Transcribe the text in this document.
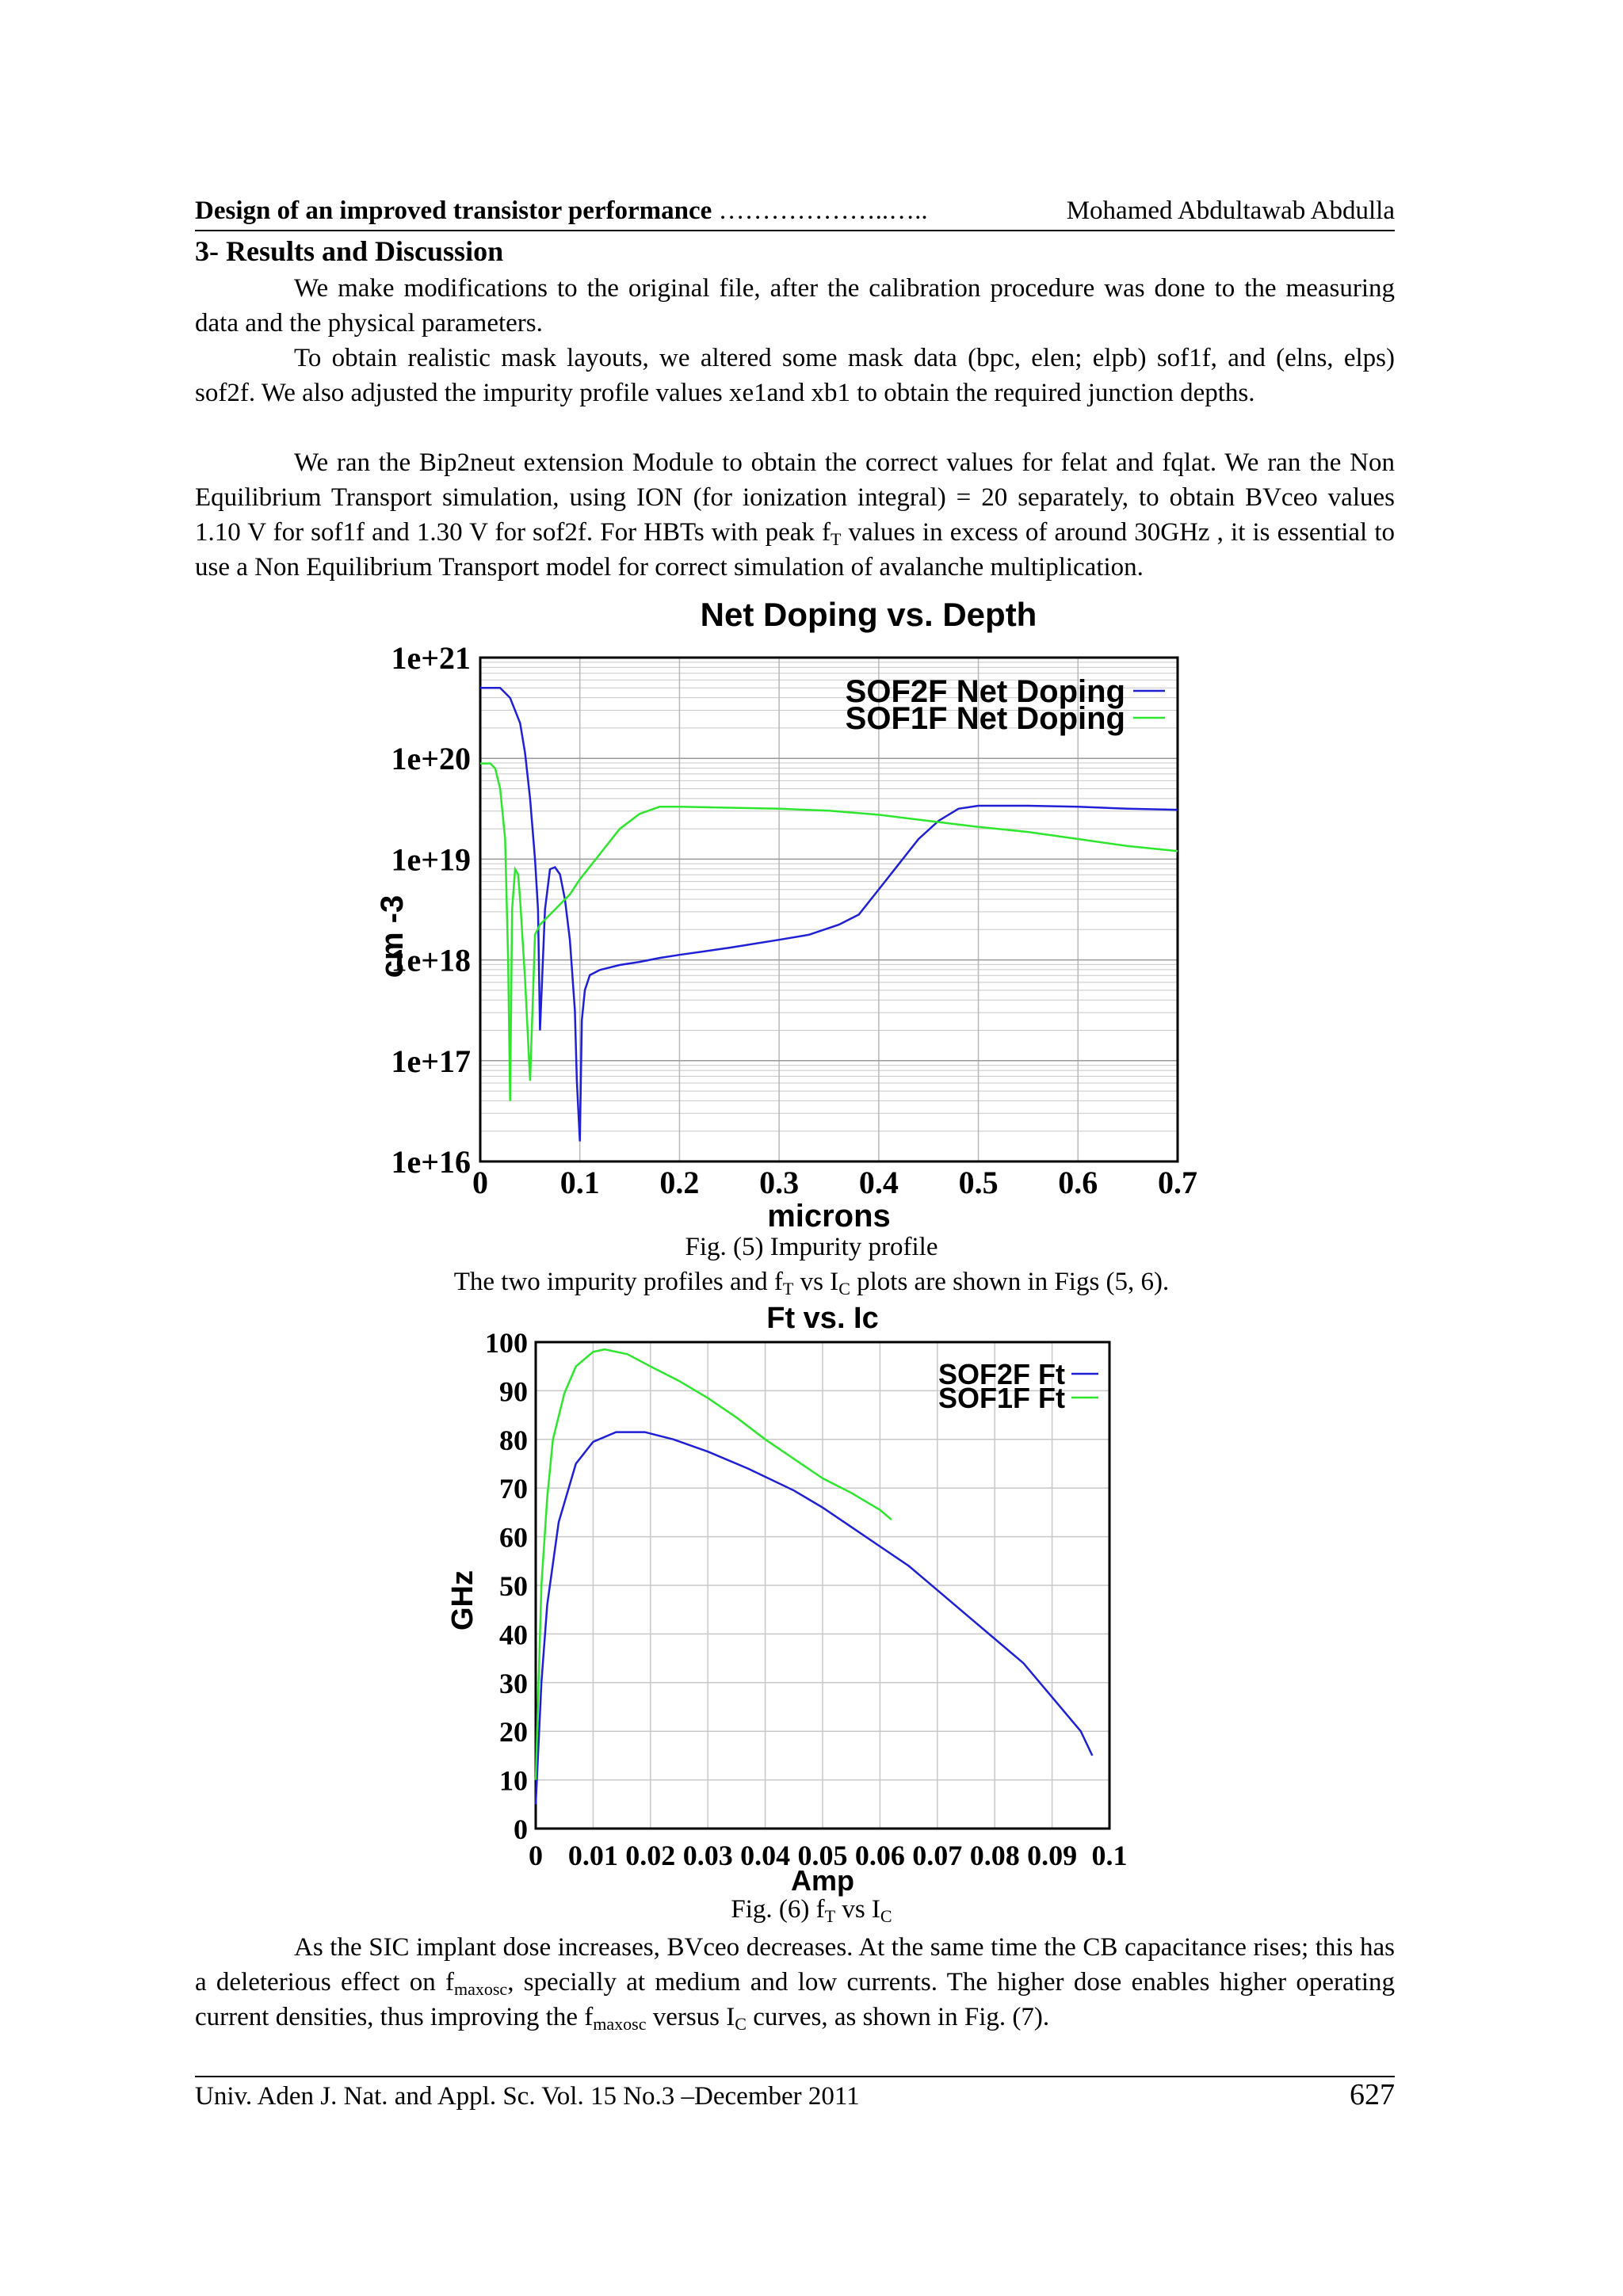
Design of an improved transistor performance ………………..…..	Mohamed Abdultawab Abdulla
3- Results and Discussion

We make modifications to the original file, after the calibration procedure was done to the measuring data and the physical parameters.

To obtain realistic mask layouts, we altered some mask data (bpc, elen; elpb) sof1f, and (elns, elps) sof2f. We also adjusted the impurity profile values xe1and xb1 to obtain the required junction depths.

We ran the Bip2neut extension Module to obtain the correct values for felat and fqlat. We ran the Non Equilibrium Transport simulation, using ION (for ionization integral) = 20 separately, to obtain BVceo values 1.10 V for sof1f and 1.30 V for sof2f. For HBTs with peak $f_T$ values in excess of around 30GHz , it is essential to use a Non Equilibrium Transport model for correct simulation of avalanche multiplication.

1e+21
1e+20
1e+19
1e+18
1e+17
1e+16
0 0.1 0.2 0.3 0.4 0.5 0.6 0.7
Net Doping vs. Depth
microns
cm -3
SOF2F Net Doping
SOF1F Net Doping

Fig. (5) Impurity profile

The two impurity profiles and $f_T$ vs $I_C$ plots are shown in Figs (5, 6).

100
90
80
70
60
50
40
30
20
10
0
0 0.01 0.02 0.03 0.04 0.05 0.06 0.07 0.08 0.09 0.1
Ft vs. Ic
Amp
GHz
SOF2F Ft
SOF1F Ft

Fig. (6) $f_T$ vs $I_C$

As the SIC implant dose increases, BVceo decreases. At the same time the CB capacitance rises; this has a deleterious effect on $f_{maxosc}$, specially at medium and low currents. The higher dose enables higher operating current densities, thus improving the $f_{maxosc}$ versus $I_C$ curves, as shown in Fig. (7).

Univ. Aden J. Nat. and Appl. Sc. Vol. 15 No.3 –December 2011	627
